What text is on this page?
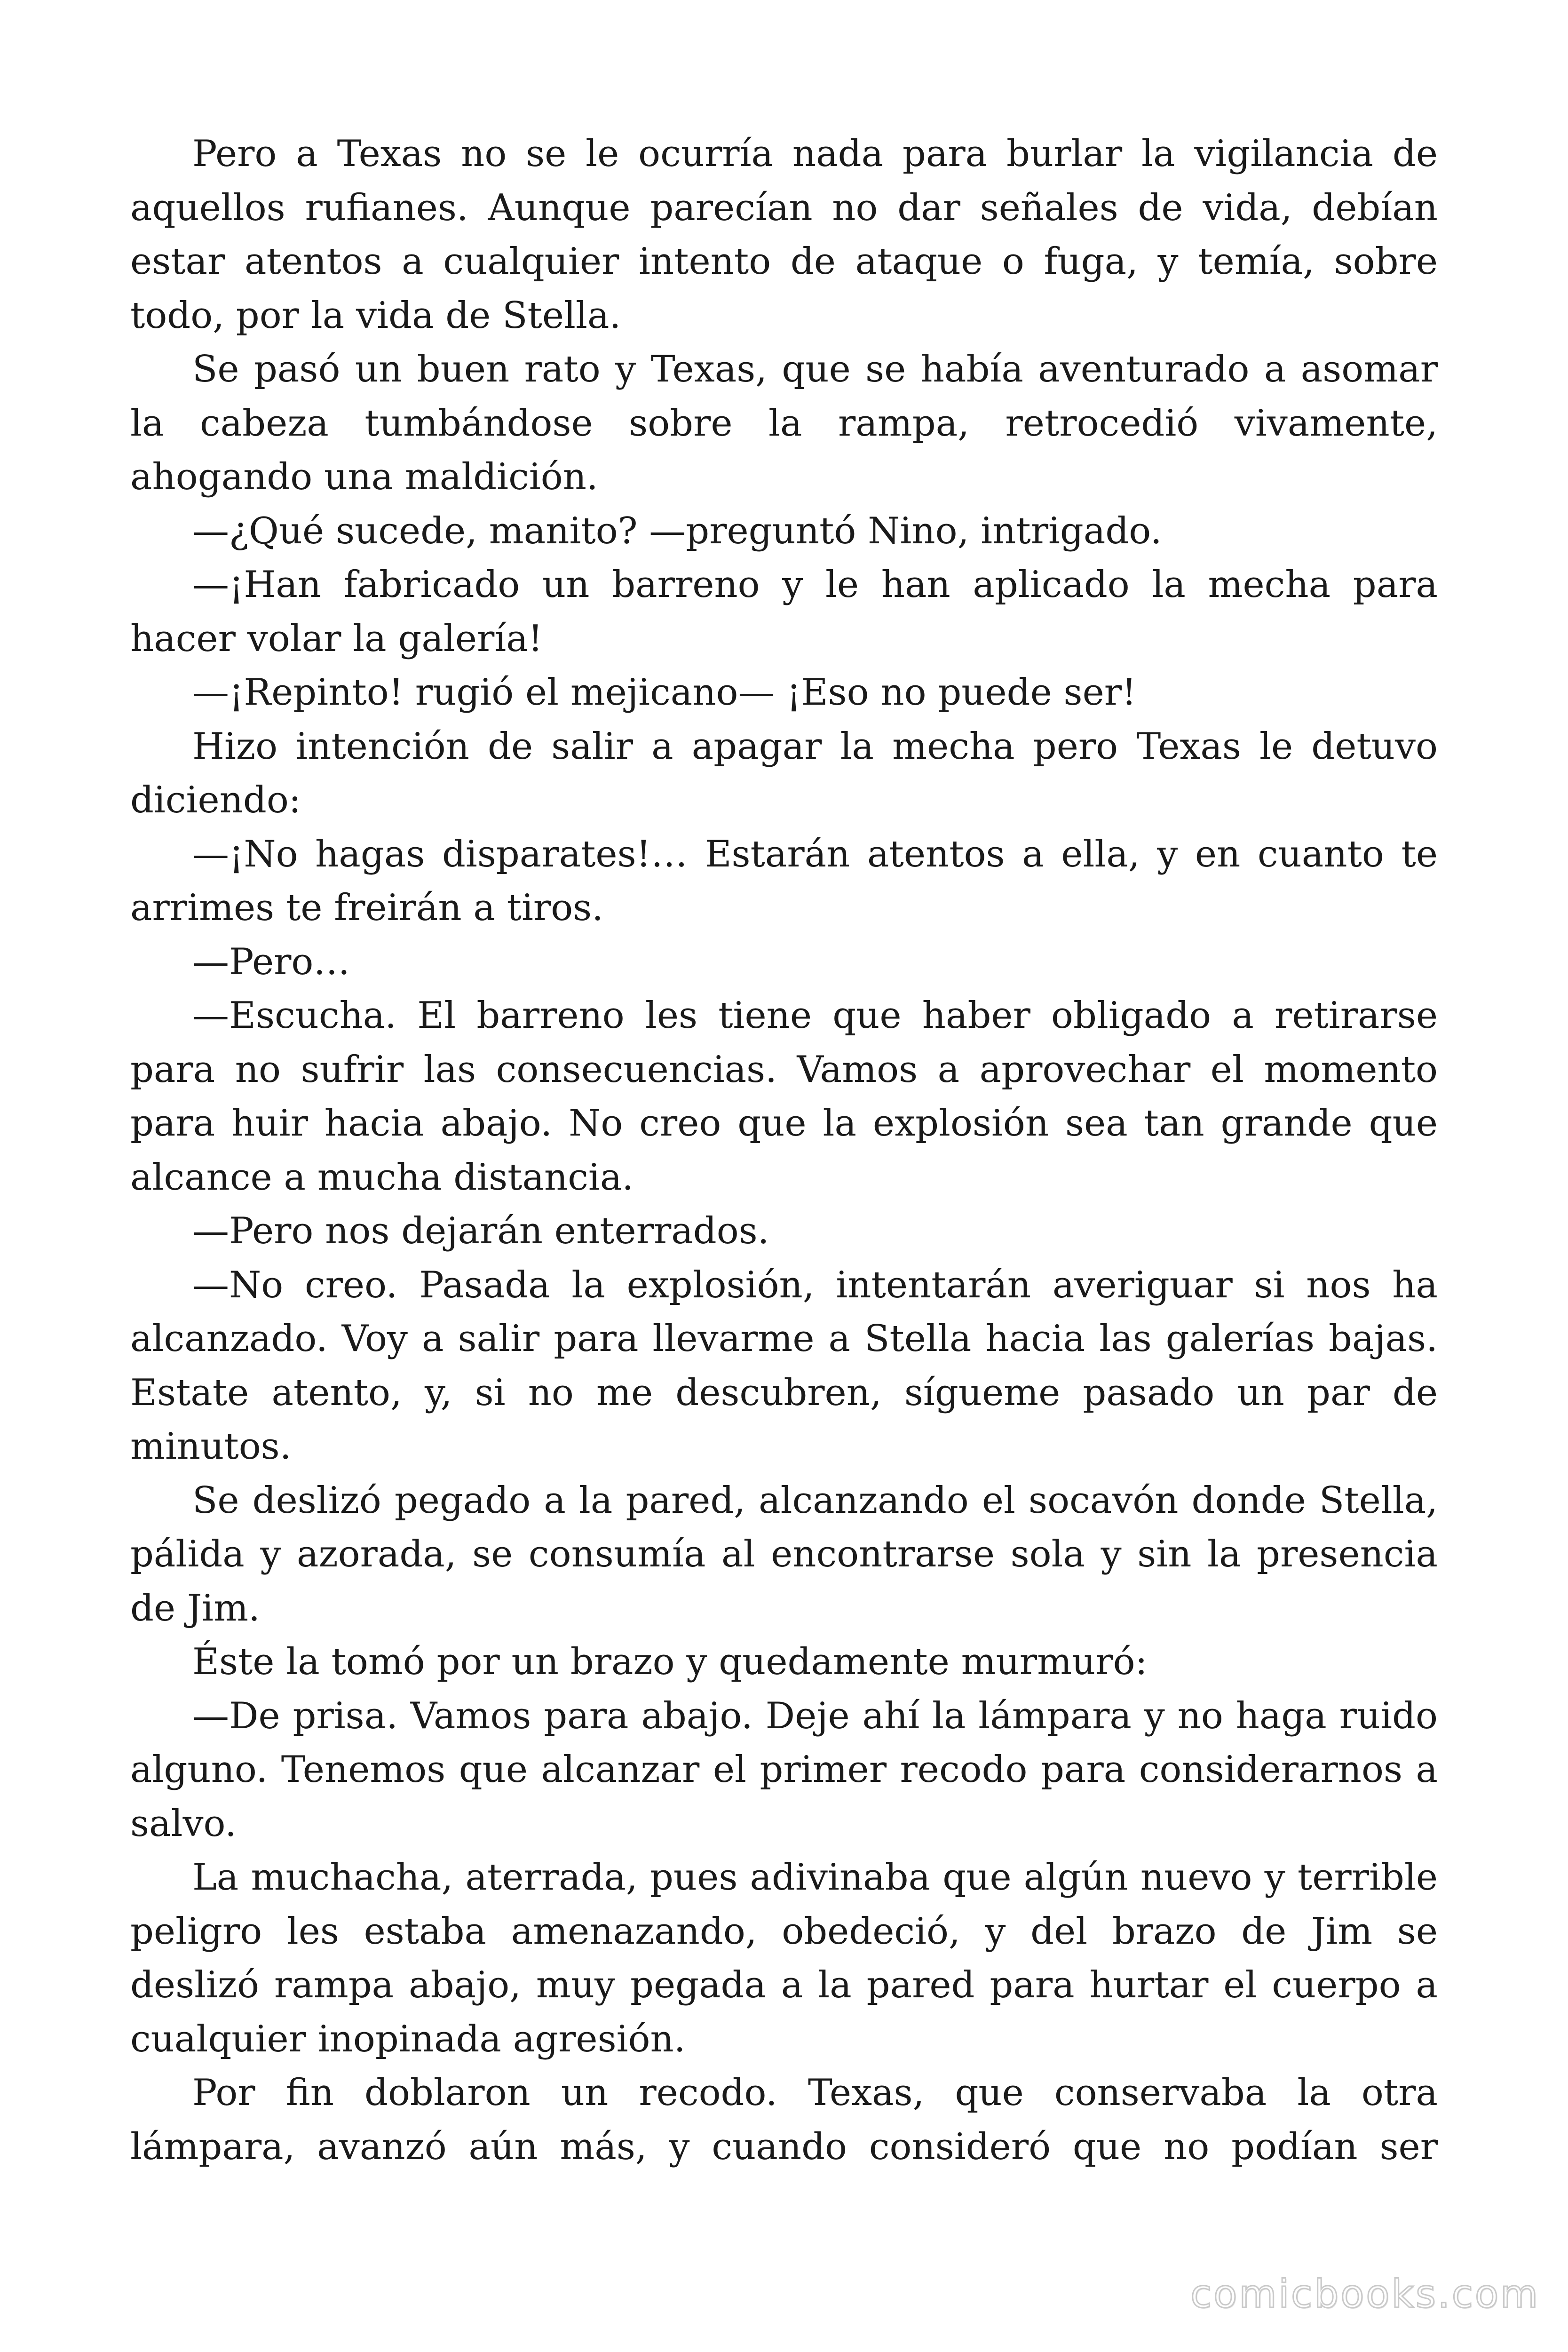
Pero a Texas no se le ocurría nada para burlar la vigilancia de aquellos rufianes. Aunque parecían no dar señales de vida, debían estar atentos a cualquier intento de ataque o fuga, y temía, sobre todo, por la vida de Stella.

Se pasó un buen rato y Texas, que se había aventurado a asomar la cabeza tumbándose sobre la rampa, retrocedió vivamente, ahogando una maldición.

—¿Qué sucede, manito? —preguntó Nino, intrigado.

—¡Han fabricado un barreno y le han aplicado la mecha para hacer volar la galería!

—¡Repinto! rugió el mejicano— ¡Eso no puede ser!

Hizo intención de salir a apagar la mecha pero Texas le detuvo diciendo:

—¡No hagas disparates!… Estarán atentos a ella, y en cuanto te arrimes te freirán a tiros.

—Pero…

—Escucha. El barreno les tiene que haber obligado a retirarse para no sufrir las consecuencias. Vamos a aprovechar el momento para huir hacia abajo. No creo que la explosión sea tan grande que alcance a mucha distancia.

—Pero nos dejarán enterrados.

—No creo. Pasada la explosión, intentarán averiguar si nos ha alcanzado. Voy a salir para llevarme a Stella hacia las galerías bajas. Estate atento, y, si no me descubren, sígueme pasado un par de minutos.

Se deslizó pegado a la pared, alcanzando el socavón donde Stella, pálida y azorada, se consumía al encontrarse sola y sin la presencia de Jim.

Éste la tomó por un brazo y quedamente murmuró:

—De prisa. Vamos para abajo. Deje ahí la lámpara y no haga ruido alguno. Tenemos que alcanzar el primer recodo para considerarnos a salvo.

La muchacha, aterrada, pues adivinaba que algún nuevo y terrible peligro les estaba amenazando, obedeció, y del brazo de Jim se deslizó rampa abajo, muy pegada a la pared para hurtar el cuerpo a cualquier inopinada agresión.

Por fin doblaron un recodo. Texas, que conservaba la otra lámpara, avanzó aún más, y cuando consideró que no podían ser

comicbooks.com
